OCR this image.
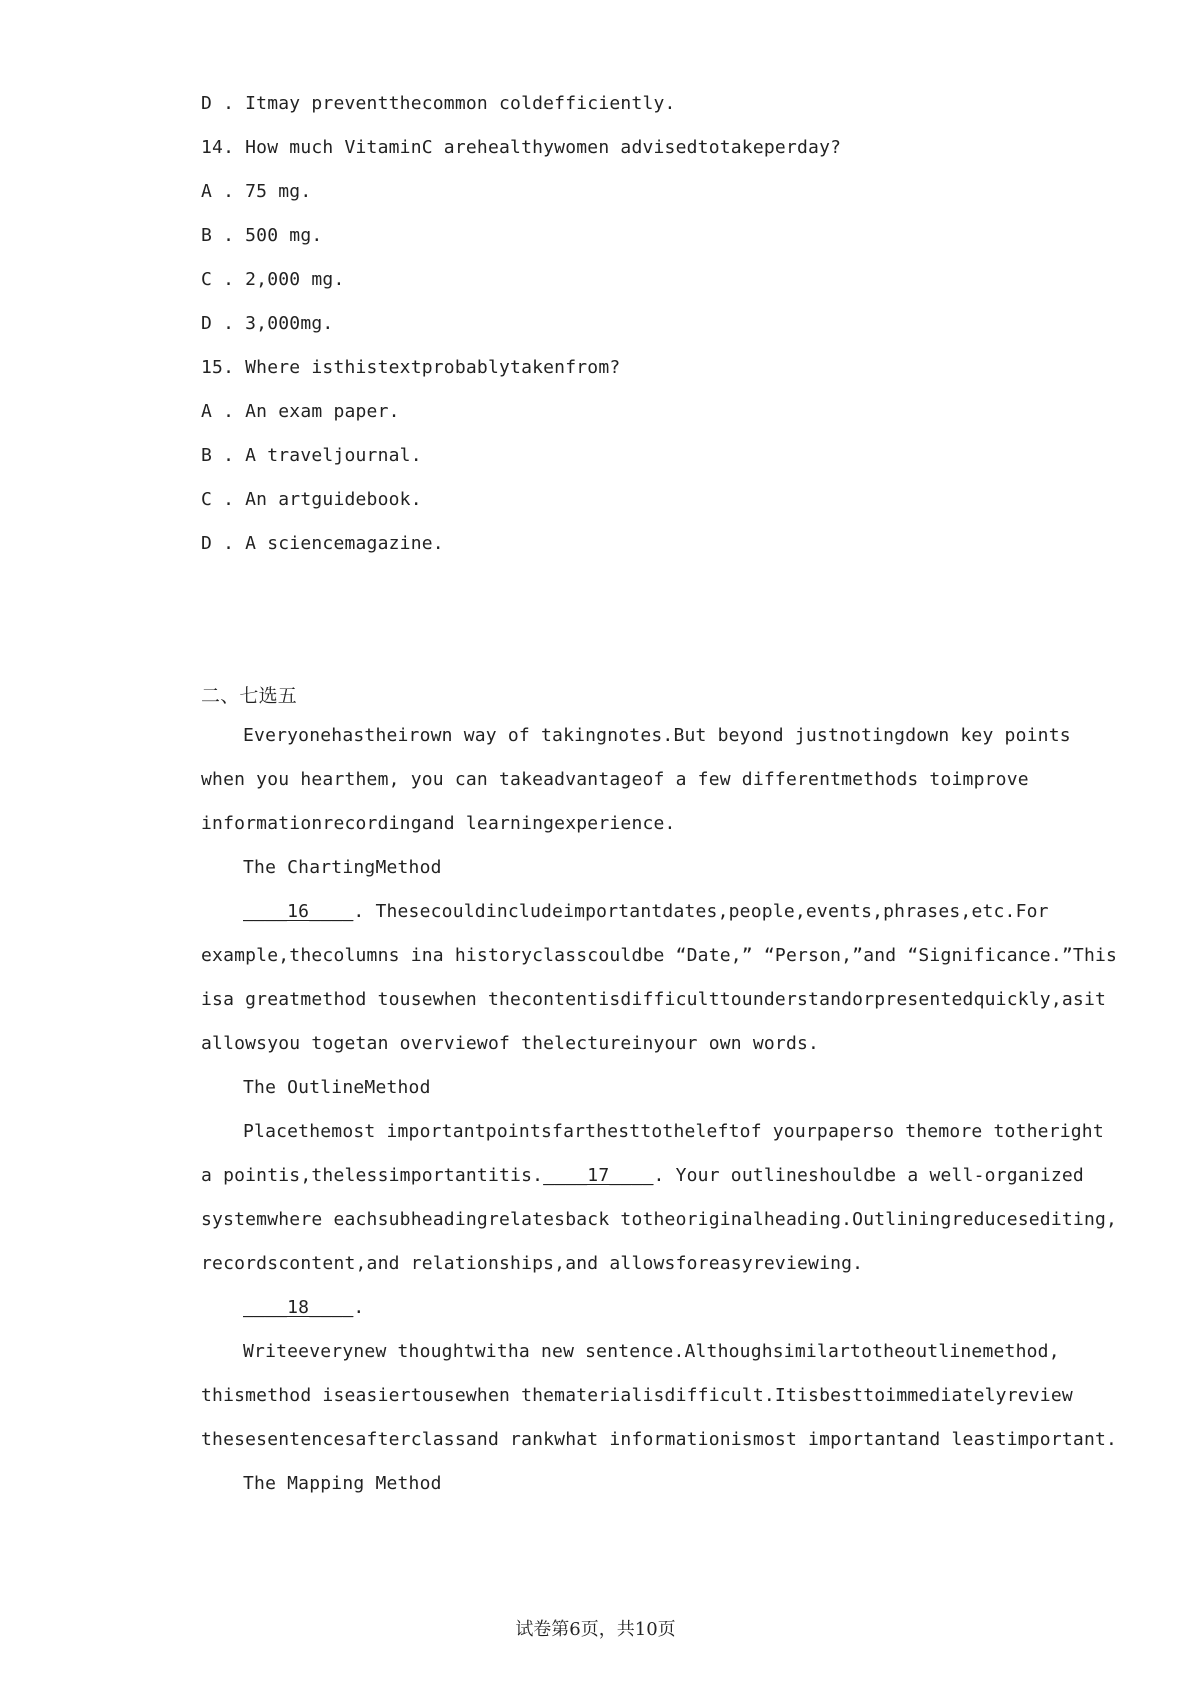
D . Itmay preventthecommon coldefficiently.
14. How much VitaminC arehealthywomen advisedtotakeperday?
A . 75 mg.
B . 500 mg.
C . 2,000 mg.
D . 3,000mg.
15. Where isthistextprobablytakenfrom?
A . An exam paper.
B . A traveljournal.
C . An artguidebook.
D . A sciencemagazine.
二、七选五
Everyonehastheirown way of takingnotes.But beyond justnotingdown key points
when you hearthem, you can takeadvantageof a few differentmethods toimprove
informationrecordingand learningexperience.
The ChartingMethod
____16____. Thesecouldincludeimportantdates,people,events,phrases,etc.For
example,thecolumns ina historyclasscouldbe “Date,” “Person,”and “Significance.”This
isa greatmethod tousewhen thecontentisdifficulttounderstandorpresentedquickly,asit
allowsyou togetan overviewof thelectureinyour own words.
The OutlineMethod
Placethemost importantpointsfarthesttotheleftof yourpaperso themore totheright
a pointis,thelessimportantitis.____17____. Your outlineshouldbe a well-organized
systemwhere eachsubheadingrelatesback totheoriginalheading.Outliningreducesediting,
recordscontent,and relationships,and allowsforeasyreviewing.
____18____.
Writeeverynew thoughtwitha new sentence.Althoughsimilartotheoutlinemethod,
thismethod iseasiertousewhen thematerialisdifficult.Itisbesttoimmediatelyreview
thesesentencesafterclassand rankwhat informationismost importantand leastimportant.
The Mapping Method
试卷第6页，共10页
